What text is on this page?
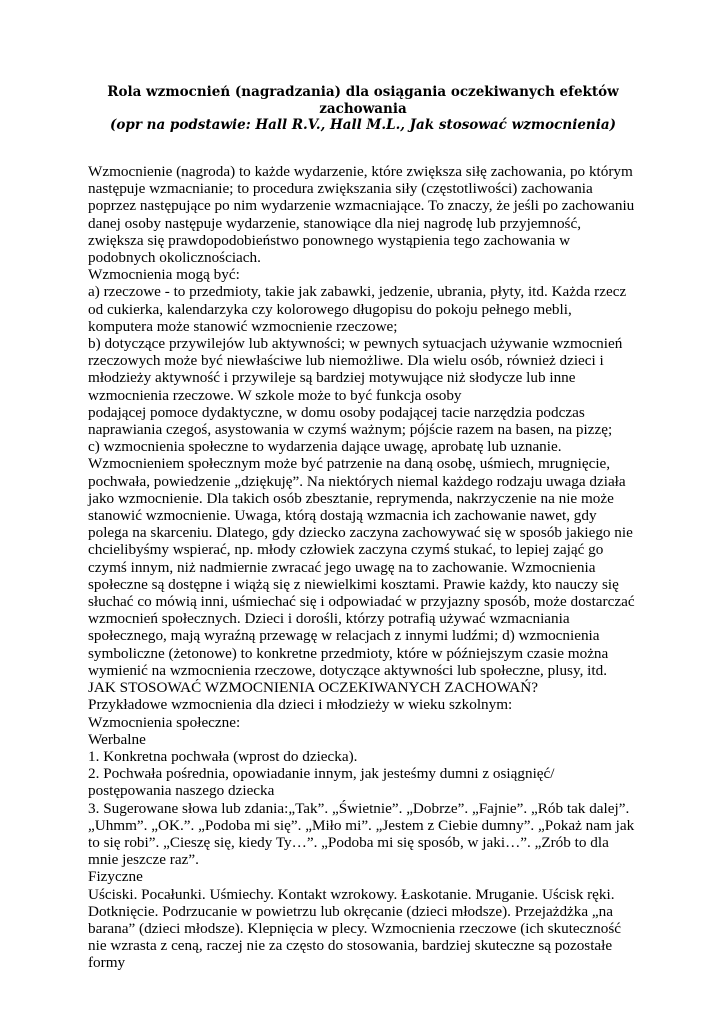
Rola wzmocnień (nagradzania) dla osiągania oczekiwanych efektów zachowania
(opr na podstawie: Hall R.V., Hall M.L., Jak stosować wzmocnienia)

Wzmocnienie (nagroda) to każde wydarzenie, które zwiększa siłę zachowania, po którym następuje wzmacnianie; to procedura zwiększania siły (częstotliwości) zachowania poprzez następujące po nim wydarzenie wzmacniające. To znaczy, że jeśli po zachowaniu danej osoby następuje wydarzenie, stanowiące dla niej nagrodę lub przyjemność, zwiększa się prawdopodobieństwo ponownego wystąpienia tego zachowania w podobnych okolicznościach.

Wzmocnienia mogą być:

a) rzeczowe - to przedmioty, takie jak zabawki, jedzenie, ubrania, płyty, itd. Każda rzecz od cukierka, kalendarzyka czy kolorowego długopisu do pokoju pełnego mebli, komputera może stanowić wzmocnienie rzeczowe;

b) dotyczące przywilejów lub aktywności; w pewnych sytuacjach używanie wzmocnień rzeczowych może być niewłaściwe lub niemożliwe. Dla wielu osób, również dzieci i młodzieży aktywność i przywileje są bardziej motywujące niż słodycze lub inne wzmocnienia rzeczowe. W szkole może to być funkcja osoby

podającej pomoce dydaktyczne, w domu osoby podającej tacie narzędzia podczas naprawiania czegoś, asystowania w czymś ważnym; pójście razem na basen, na pizzę;

c) wzmocnienia społeczne to wydarzenia dające uwagę, aprobatę lub uznanie. Wzmocnieniem społecznym może być patrzenie na daną osobę, uśmiech, mrugnięcie, pochwała, powiedzenie „dziękuję”. Na niektórych niemal każdego rodzaju uwaga działa jako wzmocnienie. Dla takich osób zbesztanie, reprymenda, nakrzyczenie na nie może stanowić wzmocnienie. Uwaga, którą dostają wzmacnia ich zachowanie nawet, gdy polega na skarceniu. Dlatego, gdy dziecko zaczyna zachowywać się w sposób jakiego nie chcielibyśmy wspierać, np. młody człowiek zaczyna czymś stukać, to lepiej zająć go czymś innym, niż nadmiernie zwracać jego uwagę na to zachowanie. Wzmocnienia społeczne są dostępne i wiążą się z niewielkimi kosztami. Prawie każdy, kto nauczy się słuchać co mówią inni, uśmiechać się i odpowiadać w przyjazny sposób, może dostarczać wzmocnień społecznych. Dzieci i dorośli, którzy potrafią używać wzmacniania społecznego, mają wyraźną przewagę w relacjach z innymi ludźmi; d) wzmocnienia symboliczne (żetonowe) to konkretne przedmioty, które w późniejszym czasie można wymienić na wzmocnienia rzeczowe, dotyczące aktywności lub społeczne, plusy, itd.

JAK STOSOWAĆ WZMOCNIENIA OCZEKIWANYCH ZACHOWAŃ?

Przykładowe wzmocnienia dla dzieci i młodzieży w wieku szkolnym:

Wzmocnienia społeczne:

Werbalne

1. Konkretna pochwała (wprost do dziecka).

2. Pochwała pośrednia, opowiadanie innym, jak jesteśmy dumni z osiągnięć/ postępowania naszego dziecka

3. Sugerowane słowa lub zdania:„Tak”. „Świetnie”. „Dobrze”. „Fajnie”. „Rób tak dalej”. „Uhmm”. „OK.”. „Podoba mi się”. „Miło mi”. „Jestem z Ciebie dumny”. „Pokaż nam jak to się robi”. „Cieszę się, kiedy Ty…”. „Podoba mi się sposób, w jaki…”. „Zrób to dla mnie jeszcze raz”.

Fizyczne

Uściski. Pocałunki. Uśmiechy. Kontakt wzrokowy. Łaskotanie. Mruganie. Uścisk ręki. Dotknięcie. Podrzucanie w powietrzu lub okręcanie (dzieci młodsze). Przejażdżka „na barana” (dzieci młodsze). Klepnięcia w plecy. Wzmocnienia rzeczowe (ich skuteczność nie wzrasta z ceną, raczej nie za często do stosowania, bardziej skuteczne są pozostałe formy
